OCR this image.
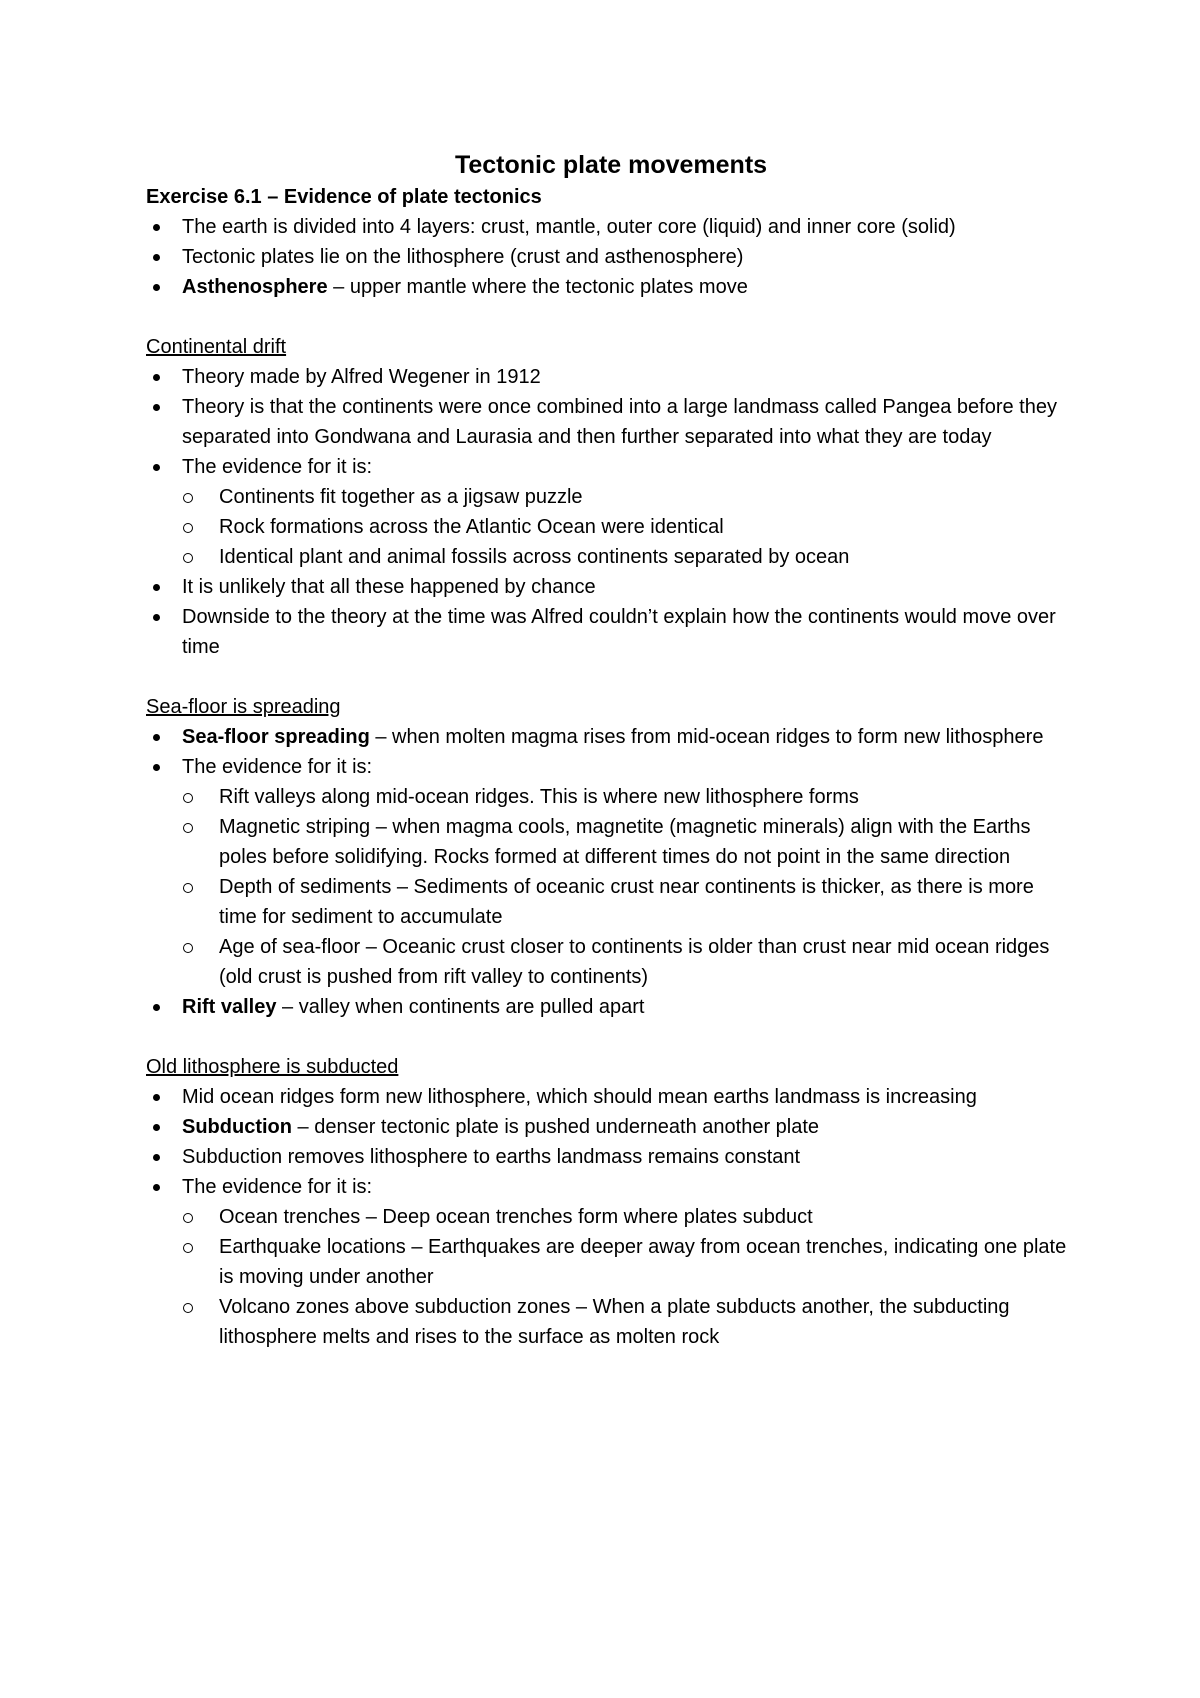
Tectonic plate movements
Exercise 6.1 – Evidence of plate tectonics
The earth is divided into 4 layers: crust, mantle, outer core (liquid) and inner core (solid)
Tectonic plates lie on the lithosphere (crust and asthenosphere)
Asthenosphere – upper mantle where the tectonic plates move
Continental drift
Theory made by Alfred Wegener in 1912
Theory is that the continents were once combined into a large landmass called Pangea before they separated into Gondwana and Laurasia and then further separated into what they are today
The evidence for it is:
Continents fit together as a jigsaw puzzle
Rock formations across the Atlantic Ocean were identical
Identical plant and animal fossils across continents separated by ocean
It is unlikely that all these happened by chance
Downside to the theory at the time was Alfred couldn’t explain how the continents would move over time
Sea-floor is spreading
Sea-floor spreading – when molten magma rises from mid-ocean ridges to form new lithosphere
The evidence for it is:
Rift valleys along mid-ocean ridges. This is where new lithosphere forms
Magnetic striping – when magma cools, magnetite (magnetic minerals) align with the Earths poles before solidifying. Rocks formed at different times do not point in the same direction
Depth of sediments – Sediments of oceanic crust near continents is thicker, as there is more time for sediment to accumulate
Age of sea-floor – Oceanic crust closer to continents is older than crust near mid ocean ridges (old crust is pushed from rift valley to continents)
Rift valley – valley when continents are pulled apart
Old lithosphere is subducted
Mid ocean ridges form new lithosphere, which should mean earths landmass is increasing
Subduction – denser tectonic plate is pushed underneath another plate
Subduction removes lithosphere to earths landmass remains constant
The evidence for it is:
Ocean trenches – Deep ocean trenches form where plates subduct
Earthquake locations – Earthquakes are deeper away from ocean trenches, indicating one plate is moving under another
Volcano zones above subduction zones – When a plate subducts another, the subducting lithosphere melts and rises to the surface as molten rock
